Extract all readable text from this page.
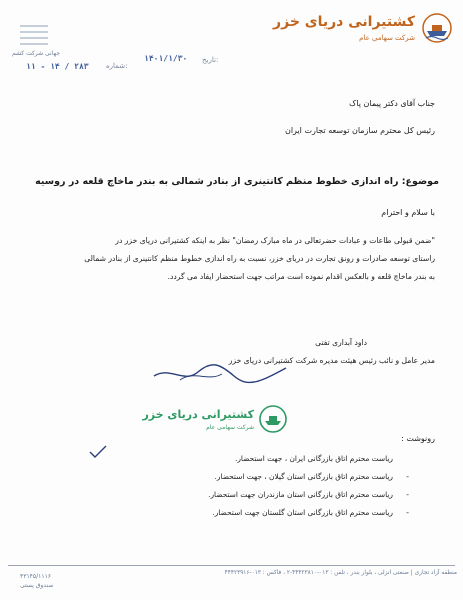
کشتیرانی دریای خزر
شرکت سهامی عام
جهانی شرکت کشم
۱۴۰۱/۱/۳۰ تاریخ:
۱۱ - ۱۴ / ۲۸۳ شماره:
جناب آقای دکتر پیمان پاک
رئیس کل محترم سازمان توسعه تجارت ایران
موضوع: راه اندازی خطوط منظم کانتینری از بنادر شمالی به بندر ماخاچ قلعه در روسیه
با سلام و احترام
"ضمن قبولی طاعات و عبادات حضرتعالی در ماه مبارک رمضان" نظر به اینکه کشتیرانی دریای خزر در
راستای توسعه صادرات و رونق تجارت در دریای خزر، نسبت به راه اندازی خطوط منظم کانتینری از بنادر شمالی
به بندر ماخاچ قلعه و بالعکس اقدام نموده است مراتب جهت استحضار ایفاد می گردد.
داود آبداری تفتی
مدیر عامل و نائب رئیس هیئت مدیره شرکت کشتیرانی دریای خزر
کشتیرانی دریای خزر
شرکت سهامی عام
رونوشت :
ریاست محترم اتاق بازرگانی ایران ، جهت استحضار.
-
ریاست محترم اتاق بازرگانی استان گیلان ، جهت استحضار.
-
ریاست محترم اتاق بازرگانی استان مازندران جهت استحضار.
-
ریاست محترم اتاق بازرگانی استان گلستان جهت استحضار.
منطقه آزاد تجاری | صنعتی انزلی ، بلوار بندر ، تلفن : ۰۱۳-۴۴۴۲۳۸۱۰-۲ ، فاکس : ۰۱۳-۴۴۴۲۳۹۱۶
۴۳۱۴۵/۱۱۱۶
صندوق پستی
